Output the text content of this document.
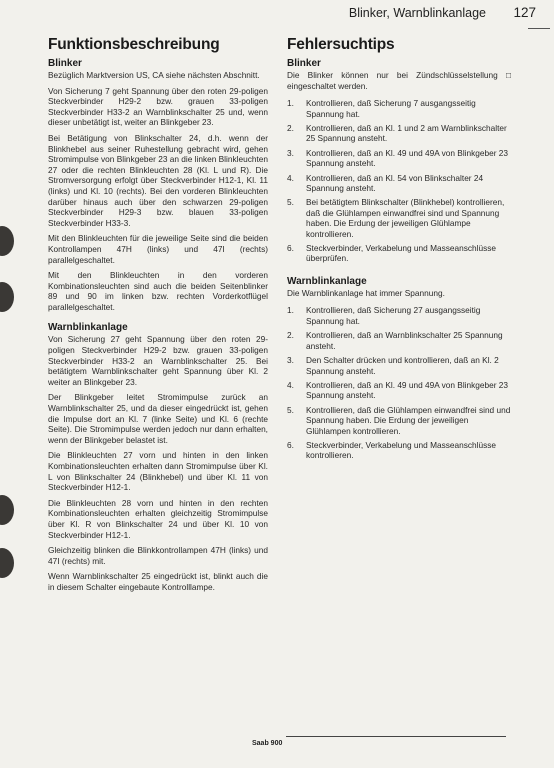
Blinker, Warnblinkanlage 127
Funktionsbeschreibung
Blinker

Bezüglich Marktversion US, CA siehe nächsten Abschnitt.

Von Sicherung 7 geht Spannung über den roten 29-poligen Steckverbinder H29-2 bzw. grauen 33-poligen Steckverbinder H33-2 an Warnblinkschalter 25 und, wenn dieser unbetätigt ist, weiter an Blinkgeber 23.

Bei Betätigung von Blinkschalter 24, d.h. wenn der Blinkhebel aus seiner Ruhestellung gebracht wird, gehen Stromimpulse von Blinkgeber 23 an die linken Blinkleuchten 27 oder die rechten Blinkleuchten 28 (Kl. L und R). Die Stromversorgung erfolgt über Steckverbinder H12-1, Kl. 11 (links) und Kl. 10 (rechts). Bei den vorderen Blinkleuchten darüber hinaus auch über den schwarzen 29-poligen Steckverbinder H29-3 bzw. blauen 33-poligen Steckverbinder H33-3.

Mit den Blinkleuchten für die jeweilige Seite sind die beiden Kontrollampen 47H (links) und 47I (rechts) parallelgeschaltet.

Mit den Blinkleuchten in den vorderen Kombinationsleuchten sind auch die beiden Seitenblinker 89 und 90 im linken bzw. rechten Vorderkotflügel parallelgeschaltet.

Warnblinkanlage

Von Sicherung 27 geht Spannung über den roten 29-poligen Steckverbinder H29-2 bzw. grauen 33-poligen Steckverbinder H33-2 an Warnblinkschalter 25. Bei betätigtem Warnblinkschalter geht Spannung über Kl. 2 weiter an Blinkgeber 23.

Der Blinkgeber leitet Stromimpulse zurück an Warnblinkschalter 25, und da dieser eingedrückt ist, gehen die Impulse dort an Kl. 7 (linke Seite) und Kl. 6 (rechte Seite). Die Stromimpulse werden jedoch nur dann erhalten, wenn der Blinkgeber belastet ist.

Die Blinkleuchten 27 vorn und hinten in den linken Kombinationsleuchten erhalten dann Stromimpulse über Kl. L von Blinkschalter 24 (Blinkhebel) und über Kl. 11 von Steckverbinder H12-1.

Die Blinkleuchten 28 vorn und hinten in den rechten Kombinationsleuchten erhalten gleichzeitig Stromimpulse über Kl. R von Blinkschalter 24 und über Kl. 10 von Steckverbinder H12-1.

Gleichzeitig blinken die Blinkkontrollampen 47H (links) und 47I (rechts) mit.

Wenn Warnblinkschalter 25 eingedrückt ist, blinkt auch die in diesem Schalter eingebaute Kontrolllampe.

Fehlersuchtips
Blinker

Die Blinker können nur bei Zündschlüsselstellung □ eingeschaltet werden.

1. Kontrollieren, daß Sicherung 7 ausgangsseitig Spannung hat.
2. Kontrollieren, daß an Kl. 1 und 2 am Warnblinkschalter 25 Spannung ansteht.
3. Kontrollieren, daß an Kl. 49 und 49A von Blinkgeber 23 Spannung ansteht.
4. Kontrollieren, daß an Kl. 54 von Blinkschalter 24 Spannung ansteht.
5. Bei betätigtem Blinkschalter (Blinkhebel) kontrollieren, daß die Glühlampen einwandfrei sind und Spannung haben. Die Erdung der jeweiligen Glühlampe kontrollieren.
6. Steckverbinder, Verkabelung und Masseanschlüsse überprüfen.
Warnblinkanlage

Die Warnblinkanlage hat immer Spannung.

1. Kontrollieren, daß Sicherung 27 ausgangsseitig Spannung hat.
2. Kontrollieren, daß an Warnblinkschalter 25 Spannung ansteht.
3. Den Schalter drücken und kontrollieren, daß an Kl. 2 Spannung ansteht.
4. Kontrollieren, daß an Kl. 49 und 49A von Blinkgeber 23 Spannung ansteht.
5. Kontrollieren, daß die Glühlampen einwandfrei sind und Spannung haben. Die Erdung der jeweiligen Glühlampen kontrollieren.
6. Steckverbinder, Verkabelung und Masseanschlüsse kontrollieren.
Saab 900
